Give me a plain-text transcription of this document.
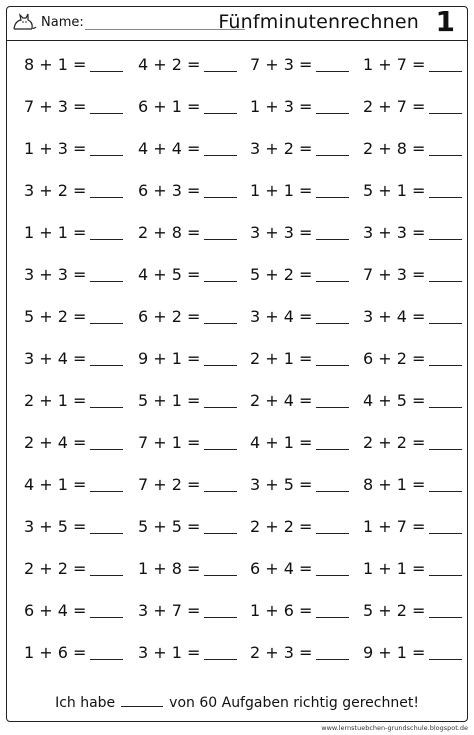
Name:	Fünfminutenrechnen 1
8 + 1 =	4 + 2 =	7 + 3 =	1 + 7 =
7 + 3 =	6 + 1 =	1 + 3 =	2 + 7 =
1 + 3 =	4 + 4 =	3 + 2 =	2 + 8 =
3 + 2 =	6 + 3 =	1 + 1 =	5 + 1 =
1 + 1 =	2 + 8 =	3 + 3 =	3 + 3 =
3 + 3 =	4 + 5 =	5 + 2 =	7 + 3 =
5 + 2 =	6 + 2 =	3 + 4 =	3 + 4 =
3 + 4 =	9 + 1 =	2 + 1 =	6 + 2 =
2 + 1 =	5 + 1 =	2 + 4 =	4 + 5 =
2 + 4 =	7 + 1 =	4 + 1 =	2 + 2 =
4 + 1 =	7 + 2 =	3 + 5 =	8 + 1 =
3 + 5 =	5 + 5 =	2 + 2 =	1 + 7 =
2 + 2 =	1 + 8 =	6 + 4 =	1 + 1 =
6 + 4 =	3 + 7 =	1 + 6 =	5 + 2 =
1 + 6 =	3 + 1 =	2 + 3 =	9 + 1 =
Ich habe	von 60 Aufgaben richtig gerechnet!
www.lernstuebchen-grundschule.blogspot.de
